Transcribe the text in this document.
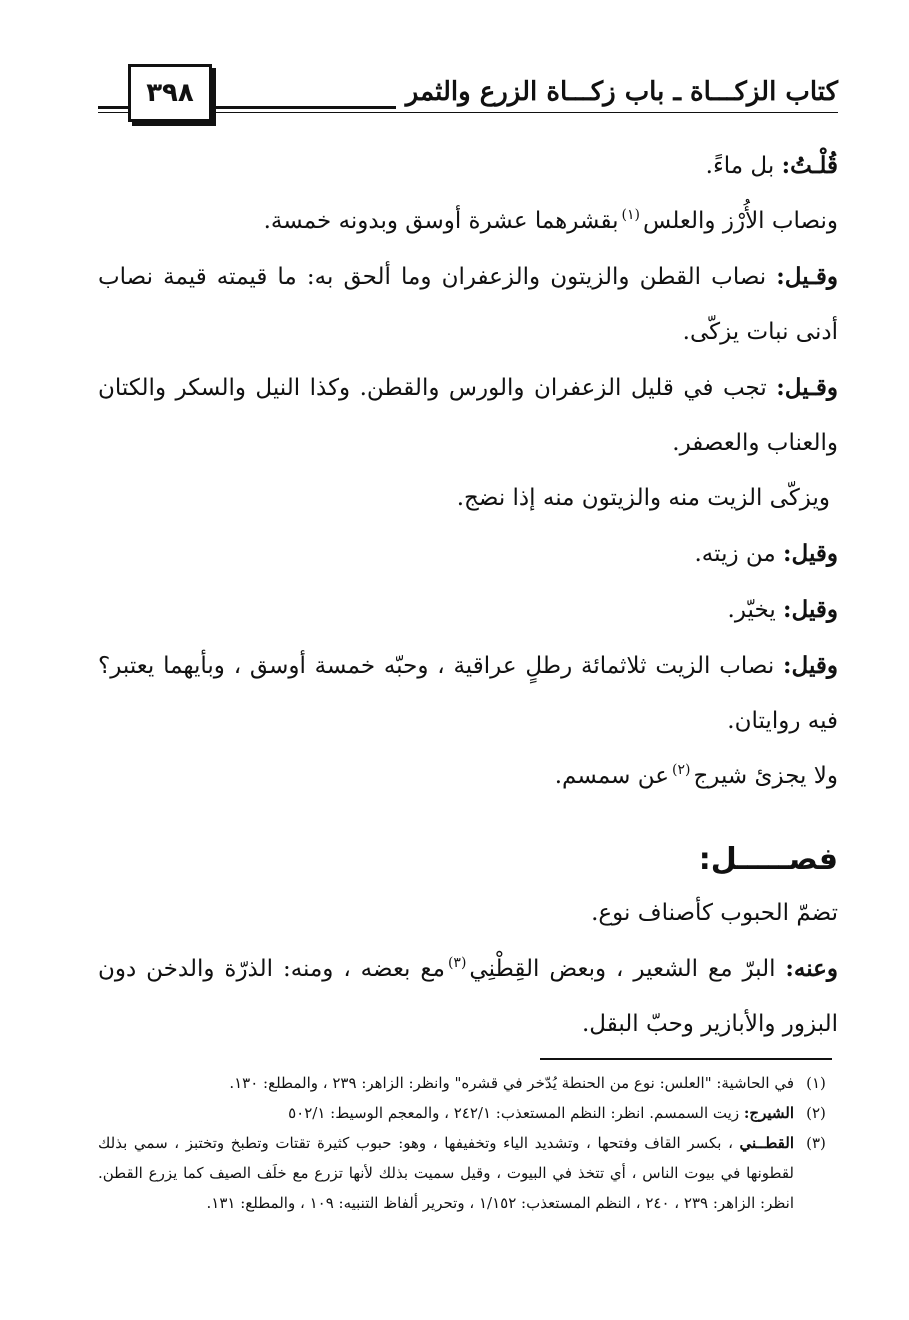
٣٩٨	كتاب الزكـــاة ـ باب زكـــاة الزرع والثمر

قُلْـتُ: بل ماءً.

ونصاب الأُرْز والعلس$^{(١)}$بقشرهما عشرة أوسق وبدونه خمسة.

وقـيل: نصاب القطن والزيتون والزعفران وما ألحق به: ما قيمته قيمة نصاب أدنى نبات يزكّى.

وقـيل: تجب في قليل الزعفران والورس والقطن. وكذا النيل والسكر والكتان والعناب والعصفر.

ويزكّى الزيت منه والزيتون منه إذا نضج.

وقيل: من زيته.

وقيل: يخيّر.

وقيل: نصاب الزيت ثلاثمائة رطلٍ عراقية ، وحبّه خمسة أوسق ، وبأيهما يعتبر؟ فيه روايتان.

ولا يجزئ شيرج$^{(٢)}$عن سمسم.

فصـــــل:

تضمّ الحبوب كأصناف نوع.

وعنه: البرّ مع الشعير ، وبعض القِطْنِي$^{(٣)}$مع بعضه ، ومنه: الذرّة والدخن دون البزور والأبازير وحبّ البقل.

(١)
في الحاشية: "العلس: نوع من الحنطة يُدّخر في قشره" وانظر: الزاهر: ٢٣٩ ، والمطلع: ١٣٠.
(٢)
الشيرج: زيت السمسم. انظر: النظم المستعذب: ٢٤٢/١ ، والمعجم الوسيط: ٥٠٢/١
(٣)
القطــني ، بكسر القاف وفتحها ، وتشديد الياء وتخفيفها ، وهو: حبوب كثيرة تقتات وتطبخ وتختبز ، سمي بذلك لقطونها في بيوت الناس ، أي تتخذ في البيوت ، وقيل سميت بذلك لأنها تزرع مع خلَف الصيف كما يزرع القطن. انظر: الزاهر: ٢٣٩ ، ٢٤٠ ، النظم المستعذب: ١/١٥٢ ، وتحرير ألفاظ التنبيه: ١٠٩ ، والمطلع: ١٣١.
